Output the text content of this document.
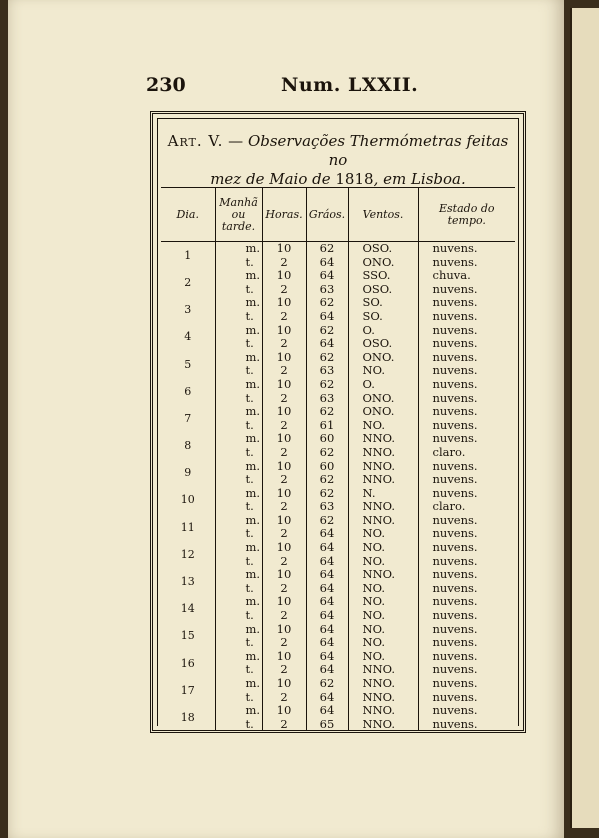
230	Num. LXXII.
Art. V. — Observações Thermómetras feitas no
mez de Maio de 1818, em Lisboa.
Dia.	Manhã
ou
tarde.	Horas.	Gráos.	Ventos.	Estado do tempo.
1	m.	10	62	OSO.	nuvens.
	t.	2	64	ONO.	nuvens.
2	m.	10	64	SSO.	chuva.
	t.	2	63	OSO.	nuvens.
3	m.	10	62	SO.	nuvens.
	t.	2	64	SO.	nuvens.
4	m.	10	62	O.	nuvens.
	t.	2	64	OSO.	nuvens.
5	m.	10	62	ONO.	nuvens.
	t.	2	63	NO.	nuvens.
6	m.	10	62	O.	nuvens.
	t.	2	63	ONO.	nuvens.
7	m.	10	62	ONO.	nuvens.
	t.	2	61	NO.	nuvens.
8	m.	10	60	NNO.	nuvens.
	t.	2	62	NNO.	claro.
9	m.	10	60	NNO.	nuvens.
	t.	2	62	NNO.	nuvens.
10	m.	10	62	N.	nuvens.
	t.	2	63	NNO.	claro.
11	m.	10	62	NNO.	nuvens.
	t.	2	64	NO.	nuvens.
12	m.	10	64	NO.	nuvens.
	t.	2	64	NO.	nuvens.
13	m.	10	64	NNO.	nuvens.
	t.	2	64	NO.	nuvens.
14	m.	10	64	NO.	nuvens.
	t.	2	64	NO.	nuvens.
15	m.	10	64	NO.	nuvens.
	t.	2	64	NO.	nuvens.
16	m.	10	64	NO.	nuvens.
	t.	2	64	NNO.	nuvens.
17	m.	10	62	NNO.	nuvens.
	t.	2	64	NNO.	nuvens.
18	m.	10	64	NNO.	nuvens.
	t.	2	65	NNO.	nuvens.
